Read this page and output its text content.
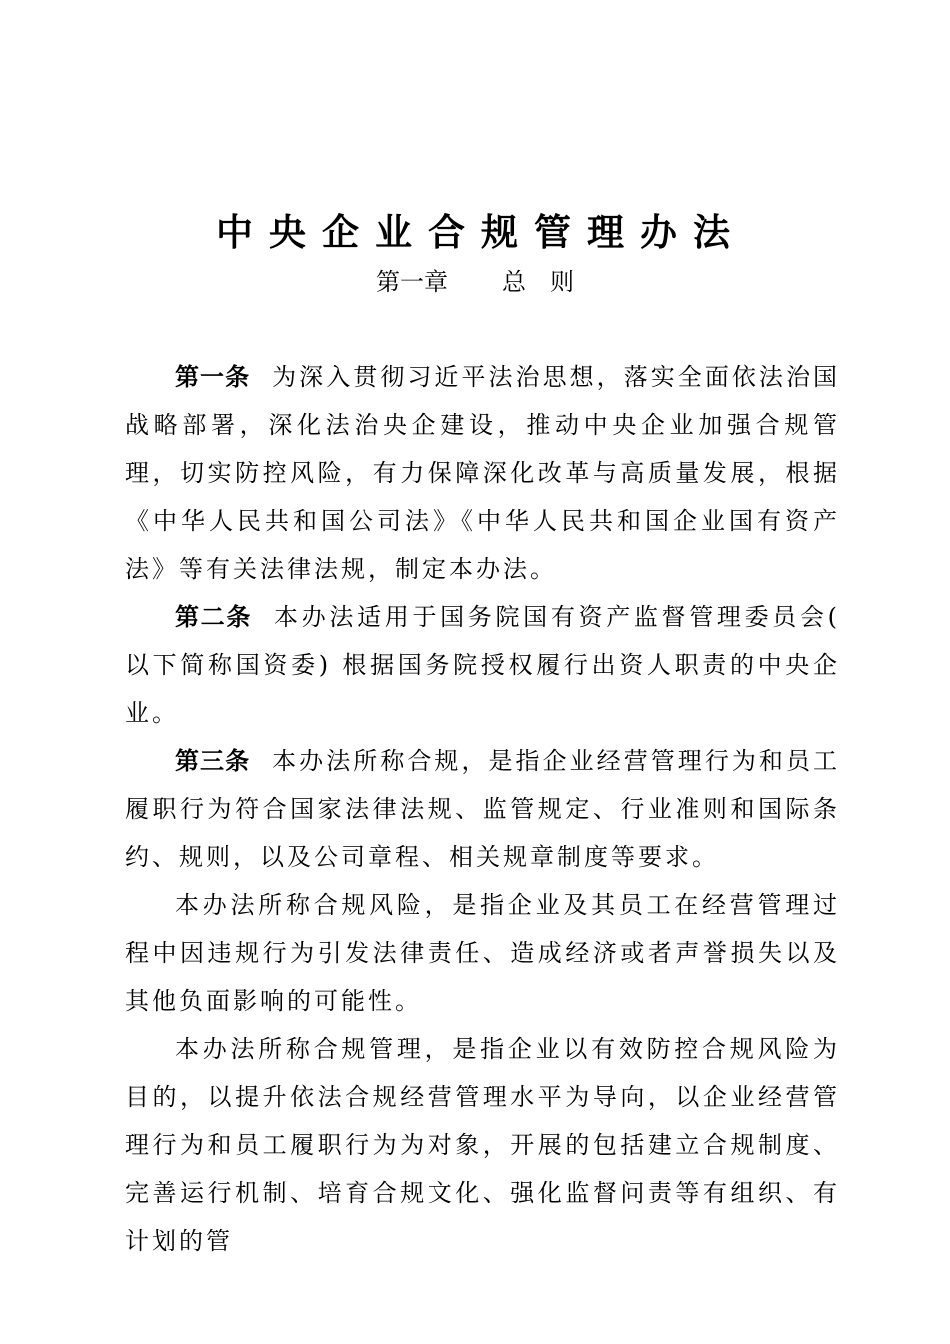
中央企业合规管理办法
第一章 总 则

第一条 为深入贯彻习近平法治思想，落实全面依法治国战略部署，深化法治央企建设，推动中央企业加强合规管理，切实防控风险，有力保障深化改革与高质量发展，根据《中华人民共和国公司法》《中华人民共和国企业国有资产法》等有关法律法规，制定本办法。

第二条 本办法适用于国务院国有资产监督管理委员会( 以下简称国资委) 根据国务院授权履行出资人职责的中央企业。

第三条 本办法所称合规，是指企业经营管理行为和员工履职行为符合国家法律法规、监管规定、行业准则和国际条约、规则，以及公司章程、相关规章制度等要求。

本办法所称合规风险，是指企业及其员工在经营管理过程中因违规行为引发法律责任、造成经济或者声誉损失以及其他负面影响的可能性。

本办法所称合规管理，是指企业以有效防控合规风险为目的，以提升依法合规经营管理水平为导向，以企业经营管理行为和员工履职行为为对象，开展的包括建立合规制度、完善运行机制、培育合规文化、强化监督问责等有组织、有计划的管
